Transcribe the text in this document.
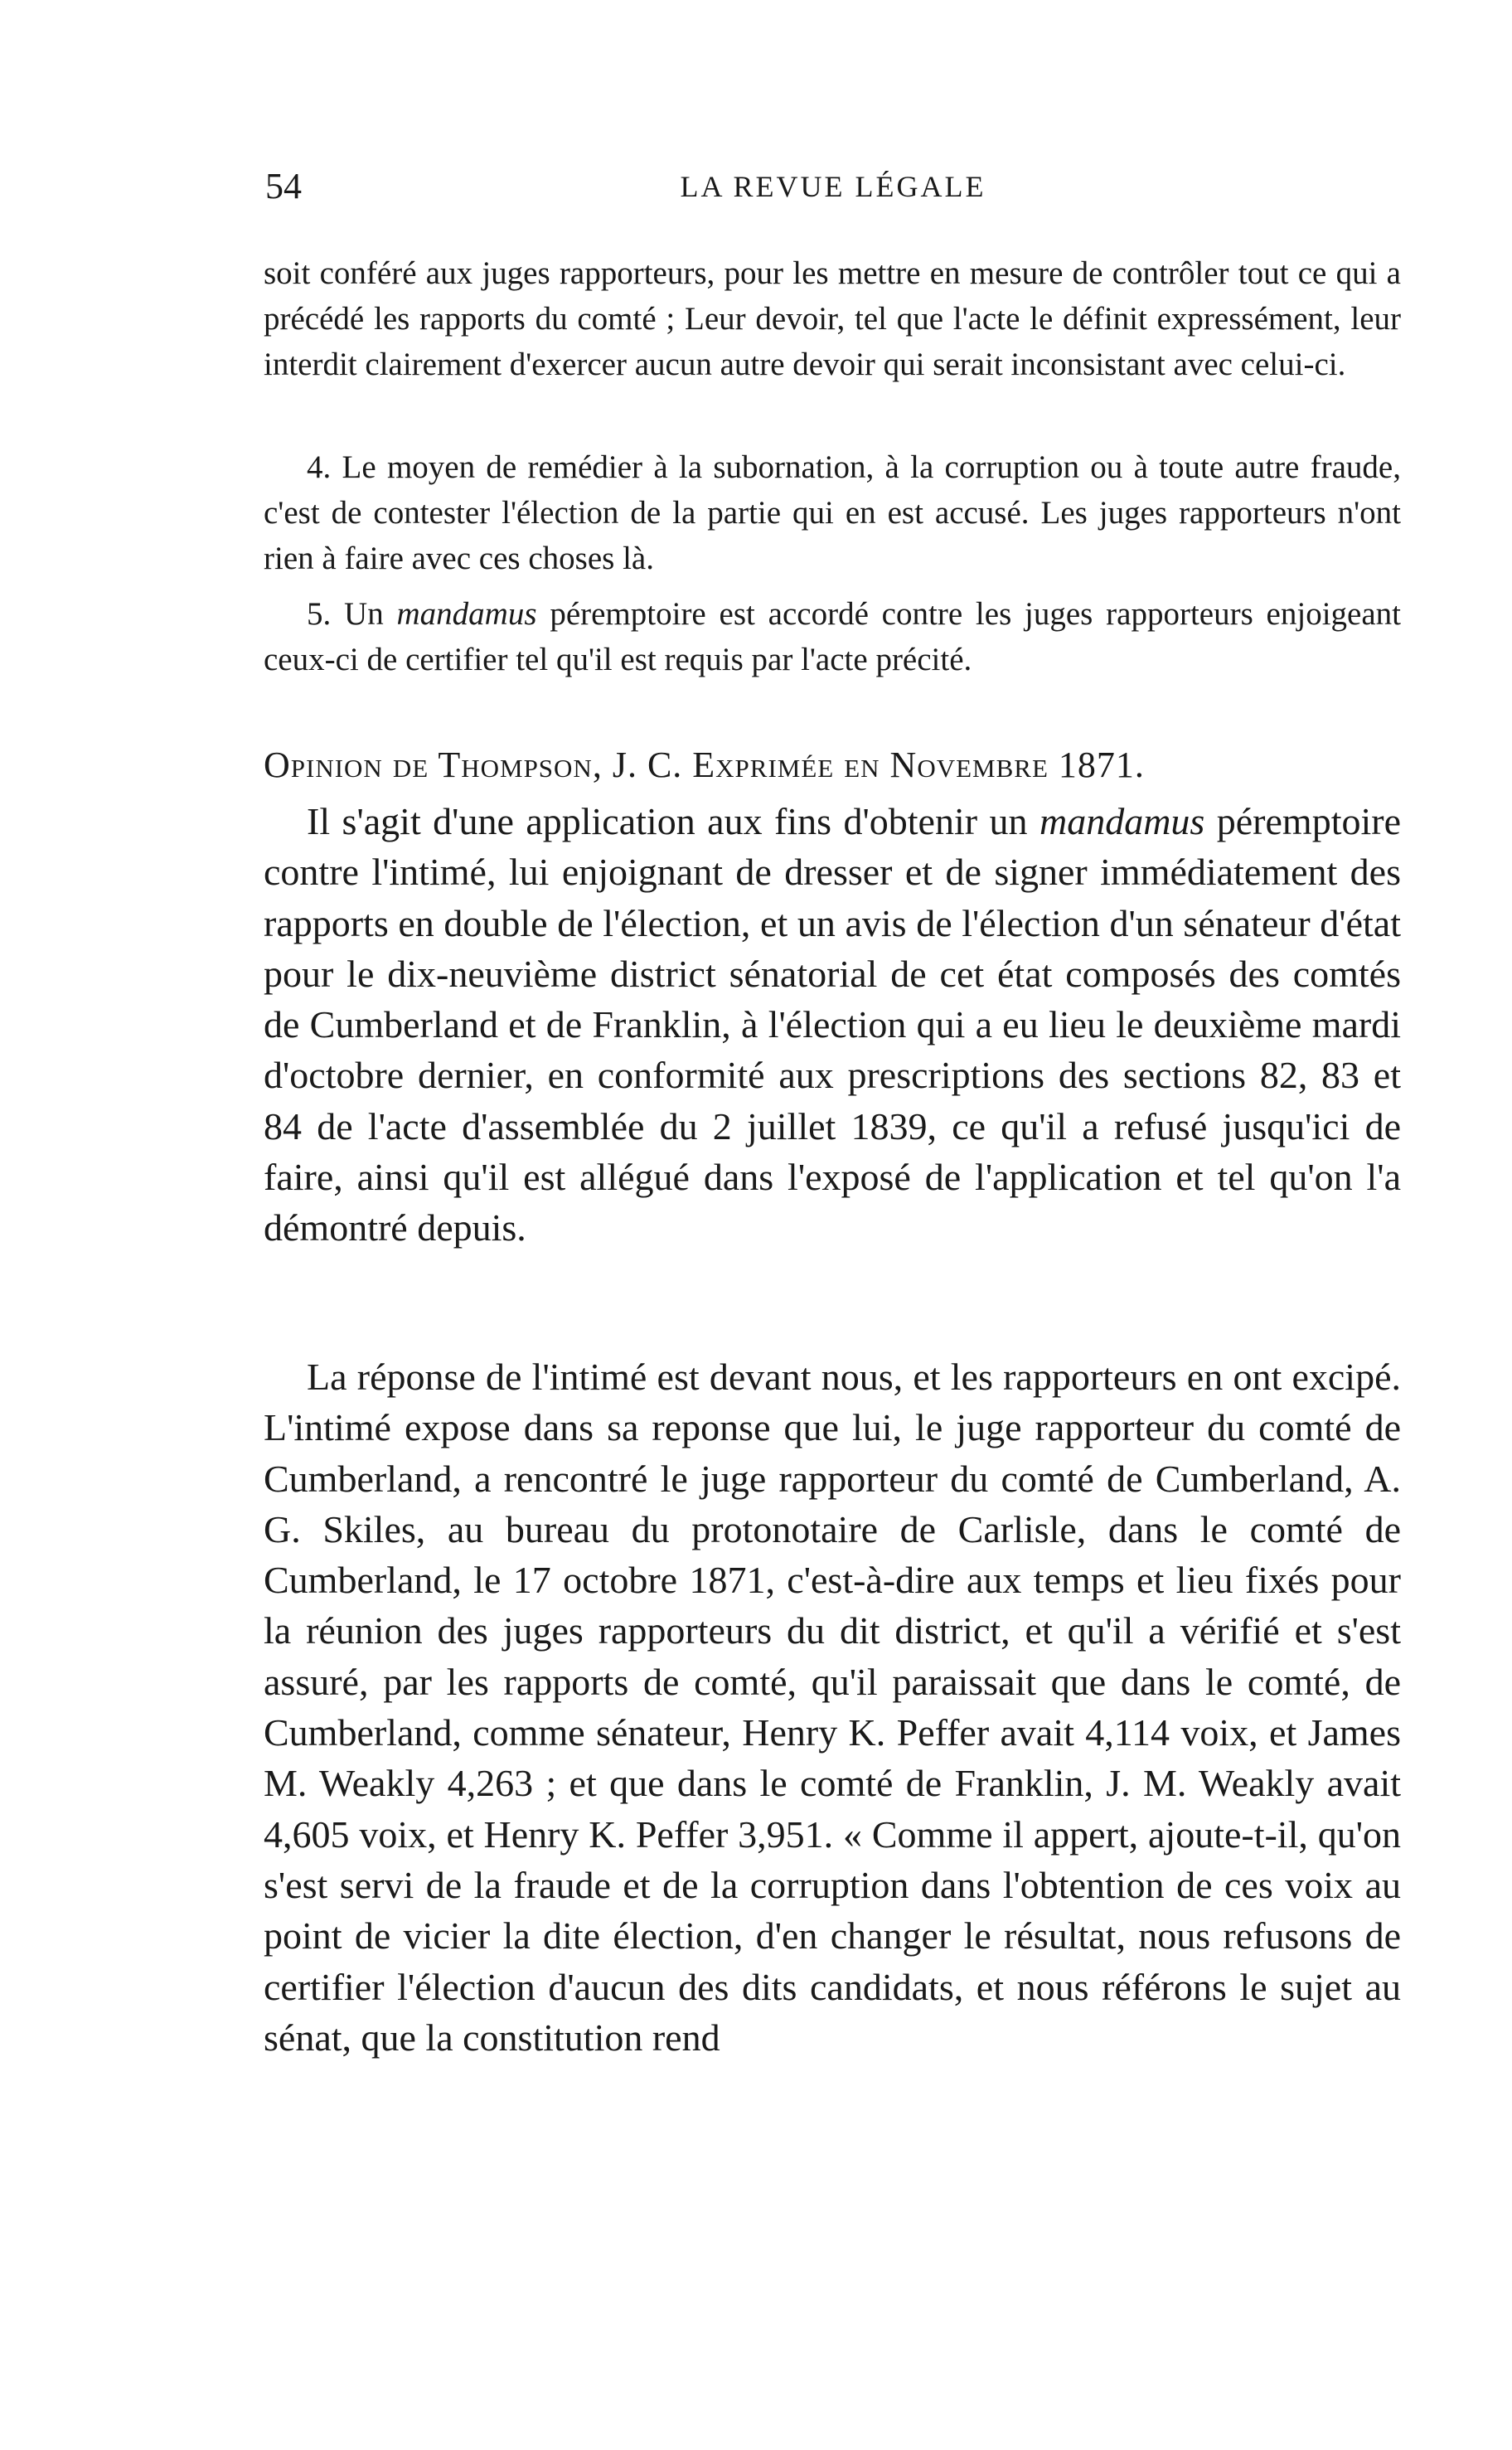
54	LA REVUE LÉGALE

soit conféré aux juges rapporteurs, pour les mettre en mesure de contrôler tout ce qui a précédé les rapports du comté ; Leur devoir, tel que l'acte le définit expressément, leur interdit clairement d'exercer aucun autre devoir qui serait inconsistant avec celui-ci.

4. Le moyen de remédier à la subornation, à la corruption ou à toute autre fraude, c'est de contester l'élection de la partie qui en est accusé. Les juges rapporteurs n'ont rien à faire avec ces choses là.

5. Un mandamus péremptoire est accordé contre les juges rapporteurs enjoigeant ceux-ci de certifier tel qu'il est requis par l'acte précité.

Opinion de Thompson, J. C. Exprimée en Novembre 1871.

Il s'agit d'une application aux fins d'obtenir un mandamus péremptoire contre l'intimé, lui enjoignant de dresser et de signer immédiatement des rapports en double de l'élection, et un avis de l'élection d'un sénateur d'état pour le dix-neuvième district sénatorial de cet état composés des comtés de Cumberland et de Franklin, à l'élection qui a eu lieu le deuxième mardi d'octobre dernier, en conformité aux prescriptions des sections 82, 83 et 84 de l'acte d'assemblée du 2 juillet 1839, ce qu'il a refusé jusqu'ici de faire, ainsi qu'il est allégué dans l'exposé de l'application et tel qu'on l'a démontré depuis.

La réponse de l'intimé est devant nous, et les rapporteurs en ont excipé. L'intimé expose dans sa reponse que lui, le juge rapporteur du comté de Cumberland, a rencontré le juge rapporteur du comté de Cumberland, A. G. Skiles, au bureau du protonotaire de Carlisle, dans le comté de Cumberland, le 17 octobre 1871, c'est-à-dire aux temps et lieu fixés pour la réunion des juges rapporteurs du dit district, et qu'il a vérifié et s'est assuré, par les rapports de comté, qu'il paraissait que dans le comté, de Cumberland, comme sénateur, Henry K. Peffer avait 4,114 voix, et James M. Weakly 4,263 ; et que dans le comté de Franklin, J. M. Weakly avait 4,605 voix, et Henry K. Peffer 3,951. « Comme il appert, ajoute-t-il, qu'on s'est servi de la fraude et de la corruption dans l'obtention de ces voix au point de vicier la dite élection, d'en changer le résultat, nous refusons de certifier l'élection d'aucun des dits candidats, et nous référons le sujet au sénat, que la constitution rend
